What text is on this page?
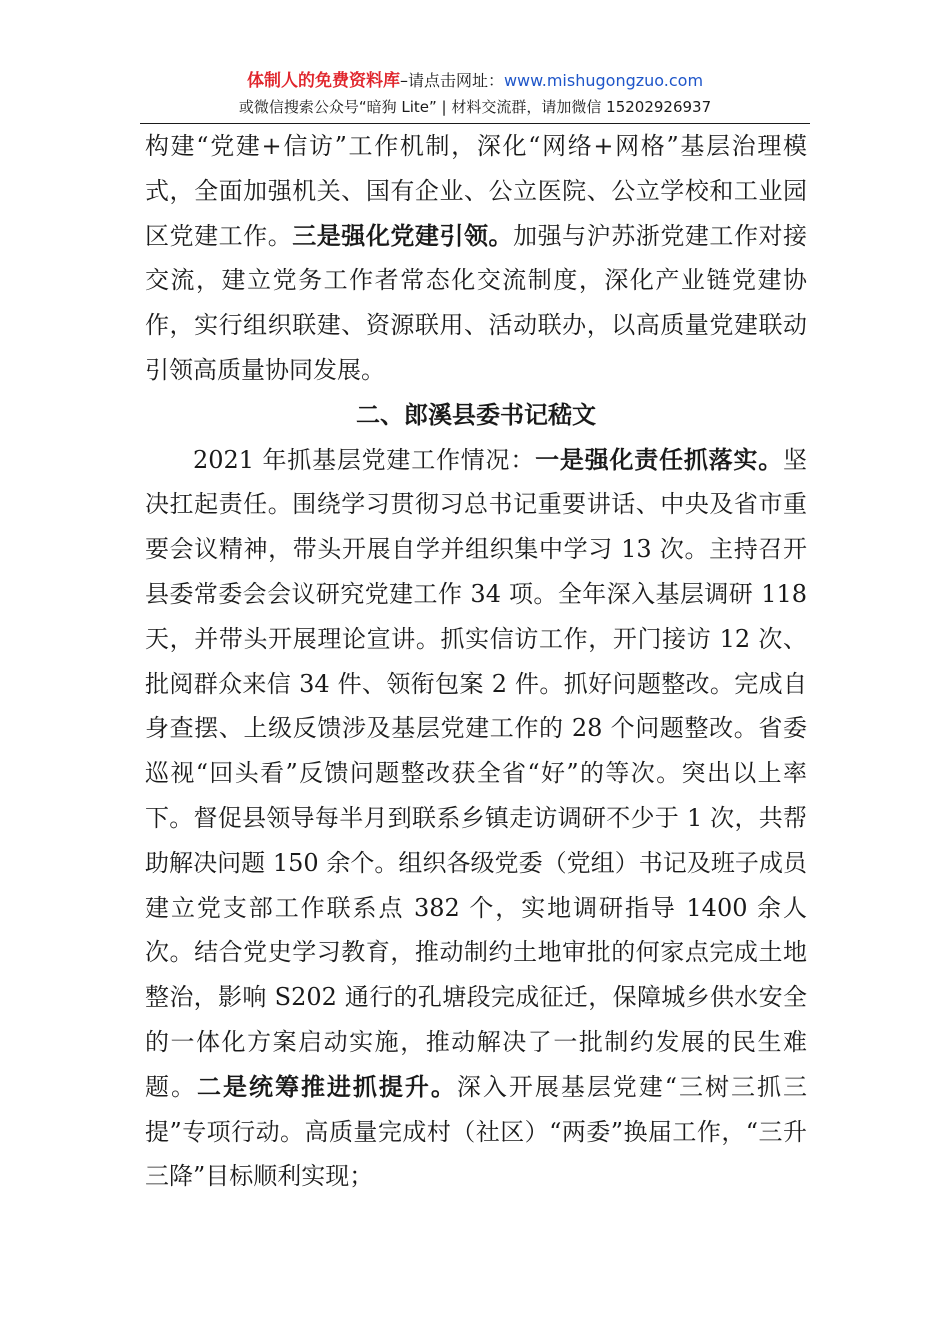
体制人的免费资料库–请点击网址：www.mishugongzuo.com
或微信搜索公众号“暗狗 Lite” | 材料交流群，请加微信 15202926937

构建“党建+信访”工作机制，深化“网络+网格”基层治理模式，全面加强机关、国有企业、公立医院、公立学校和工业园区党建工作。三是强化党建引领。加强与沪苏浙党建工作对接交流，建立党务工作者常态化交流制度，深化产业链党建协作，实行组织联建、资源联用、活动联办，以高质量党建联动引领高质量协同发展。

二、郎溪县委书记嵇文

2021 年抓基层党建工作情况：一是强化责任抓落实。坚决扛起责任。围绕学习贯彻习总书记重要讲话、中央及省市重要会议精神，带头开展自学并组织集中学习 13 次。主持召开县委常委会会议研究党建工作 34 项。全年深入基层调研 118 天，并带头开展理论宣讲。抓实信访工作，开门接访 12 次、批阅群众来信 34 件、领衔包案 2 件。抓好问题整改。完成自身查摆、上级反馈涉及基层党建工作的 28 个问题整改。省委巡视“回头看”反馈问题整改获全省“好”的等次。突出以上率下。督促县领导每半月到联系乡镇走访调研不少于 1 次，共帮助解决问题 150 余个。组织各级党委（党组）书记及班子成员建立党支部工作联系点 382 个，实地调研指导 1400 余人次。结合党史学习教育，推动制约土地审批的何家点完成土地整治，影响 S202 通行的孔塘段完成征迁，保障城乡供水安全的一体化方案启动实施，推动解决了一批制约发展的民生难题。二是统筹推进抓提升。深入开展基层党建“三树三抓三提”专项行动。高质量完成村（社区）“两委”换届工作，“三升三降”目标顺利实现；
